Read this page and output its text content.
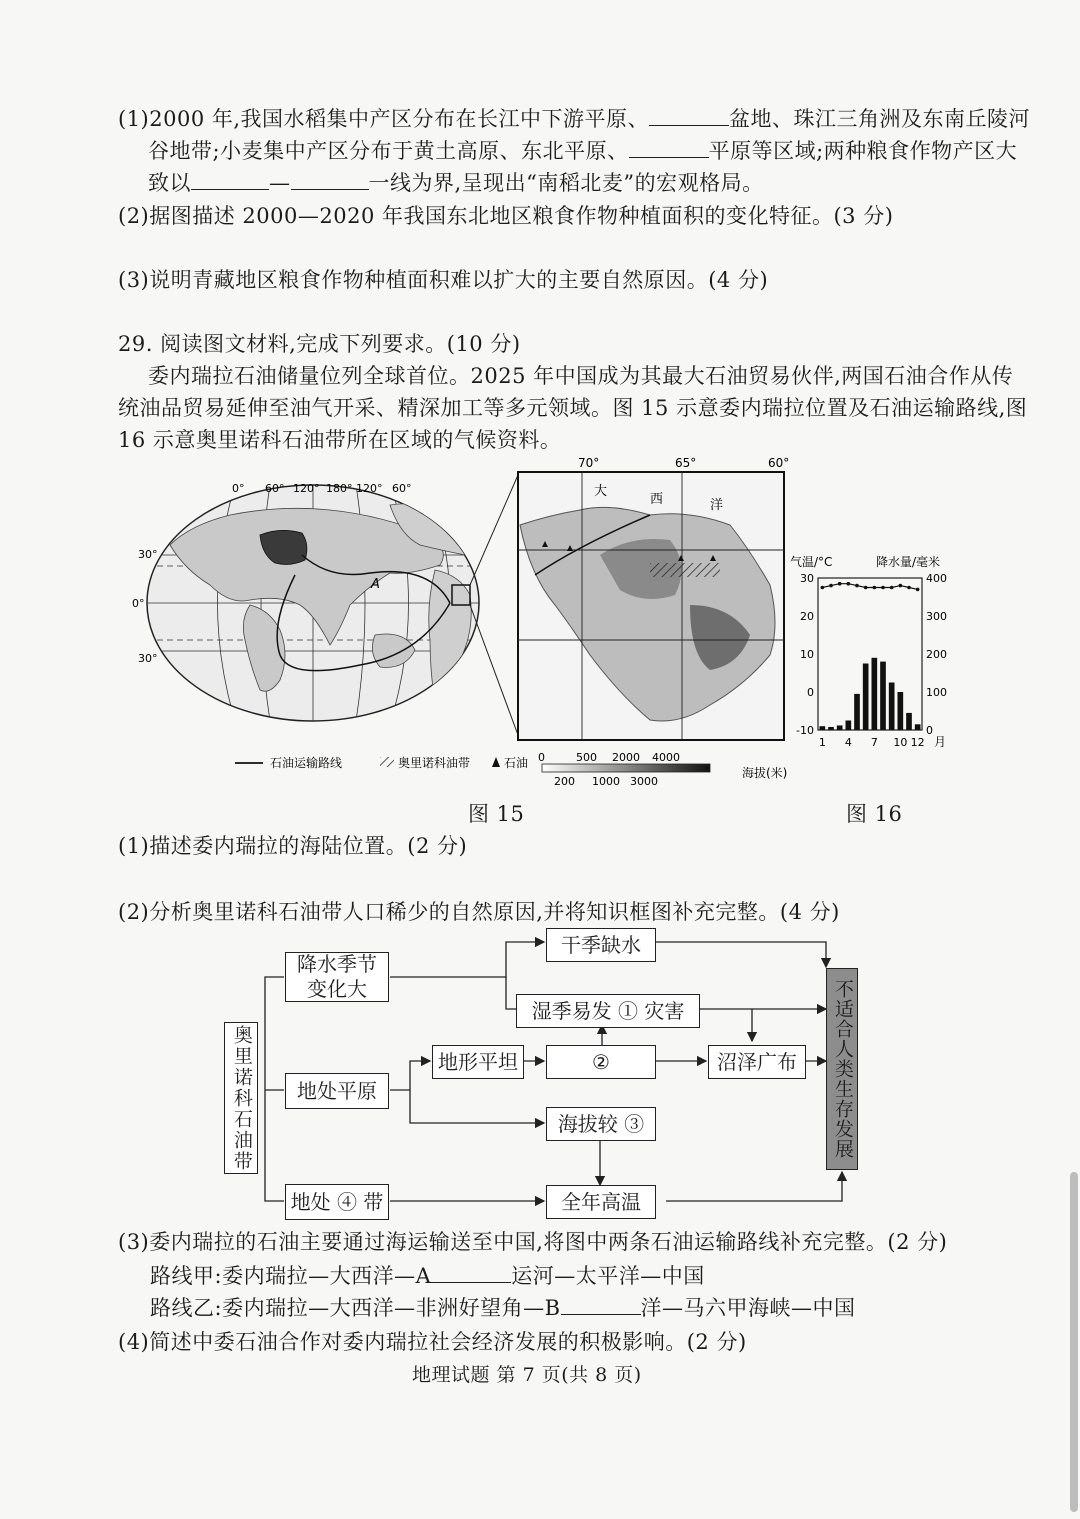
(1)2000 年,我国水稻集中产区分布在长江中下游平原、	盆地、珠江三角洲及东南丘陵河
谷地带;小麦集中产区分布于黄土高原、东北平原、	平原等区域;两种粮食作物产区大
致以	—	一线为界,呈现出“南稻北麦”的宏观格局。
(2)据图描述 2000—2020 年我国东北地区粮食作物种植面积的变化特征。(3 分)
(3)说明青藏地区粮食作物种植面积难以扩大的主要自然原因。(4 分)
29. 阅读图文材料,完成下列要求。(10 分)
委内瑞拉石油储量位列全球首位。2025 年中国成为其最大石油贸易伙伴,两国石油合作从传
统油品贸易延伸至油气开采、精深加工等多元领域。图 15 示意委内瑞拉位置及石油运输路线,图
16 示意奥里诺科石油带所在区域的气候资料。
A
0° 60° 120° 180° 120° 60°
30°
0°
30°
大
西	洋
70°	65°	60°
石油运输路线	奥里诺科油带	石油 0	500 2000 4000
200 1000 3000
海拔(米)
气温/°C	降水量/毫米
30
20
10
0
-10
400
300
200
100
0
1 4 7 10 12 月
图 15	图 16
(1)描述委内瑞拉的海陆位置。(2 分)
(2)分析奥里诺科石油带人口稀少的自然原因,并将知识框图补充完整。(4 分)
奥里诺科石油带
降水季节变化大
地处平原
地处 ④ 带
干季缺水
湿季易发 ① 灾害
地形平坦	②	沼泽广布
海拔较 ③
全年高温
不适合人类生存发展
(3)委内瑞拉的石油主要通过海运输送至中国,将图中两条石油运输路线补充完整。(2 分)
路线甲:委内瑞拉—大西洋—A	运河—太平洋—中国
路线乙:委内瑞拉—大西洋—非洲好望角—B	洋—马六甲海峡—中国
(4)简述中委石油合作对委内瑞拉社会经济发展的积极影响。(2 分)
地理试题 第 7 页(共 8 页)
